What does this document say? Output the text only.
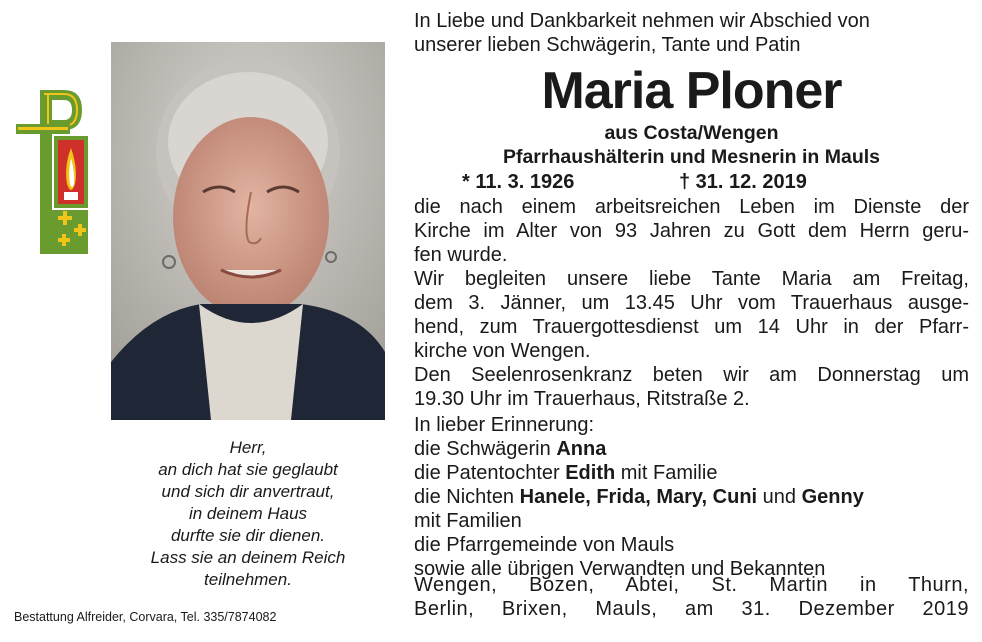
Herr,
an dich hat sie geglaubt
und sich dir anvertraut,
in deinem Haus
durfte sie dir dienen.
Lass sie an deinem Reich
teilnehmen.
Bestattung Alfreider, Corvara, Tel. 335/7874082
In Liebe und Dankbarkeit nehmen wir Abschied von
unserer lieben Schwägerin, Tante und Patin
Maria Ploner
aus Costa/Wengen
Pfarrhaushälterin und Mesnerin in Mauls
* 11. 3. 1926	† 31. 12. 2019
die nach einem arbeitsreichen Leben im Dienste der
Kirche im Alter von 93 Jahren zu Gott dem Herrn geru-
fen wurde.
Wir begleiten unsere liebe Tante Maria am Freitag,
dem 3. Jänner, um 13.45 Uhr vom Trauerhaus ausge-
hend, zum Trauergottesdienst um 14 Uhr in der Pfarr-
kirche von Wengen.
Den Seelenrosenkranz beten wir am Donnerstag um
19.30 Uhr im Trauerhaus, Ritstraße 2.
In lieber Erinnerung:
die Schwägerin Anna
die Patentochter Edith mit Familie
die Nichten Hanele, Frida, Mary, Cuni und Genny
mit Familien
die Pfarrgemeinde von Mauls
sowie alle übrigen Verwandten und Bekannten
Wengen, Bozen, Abtei, St. Martin in Thurn,
Berlin, Brixen, Mauls, am 31. Dezember 2019
